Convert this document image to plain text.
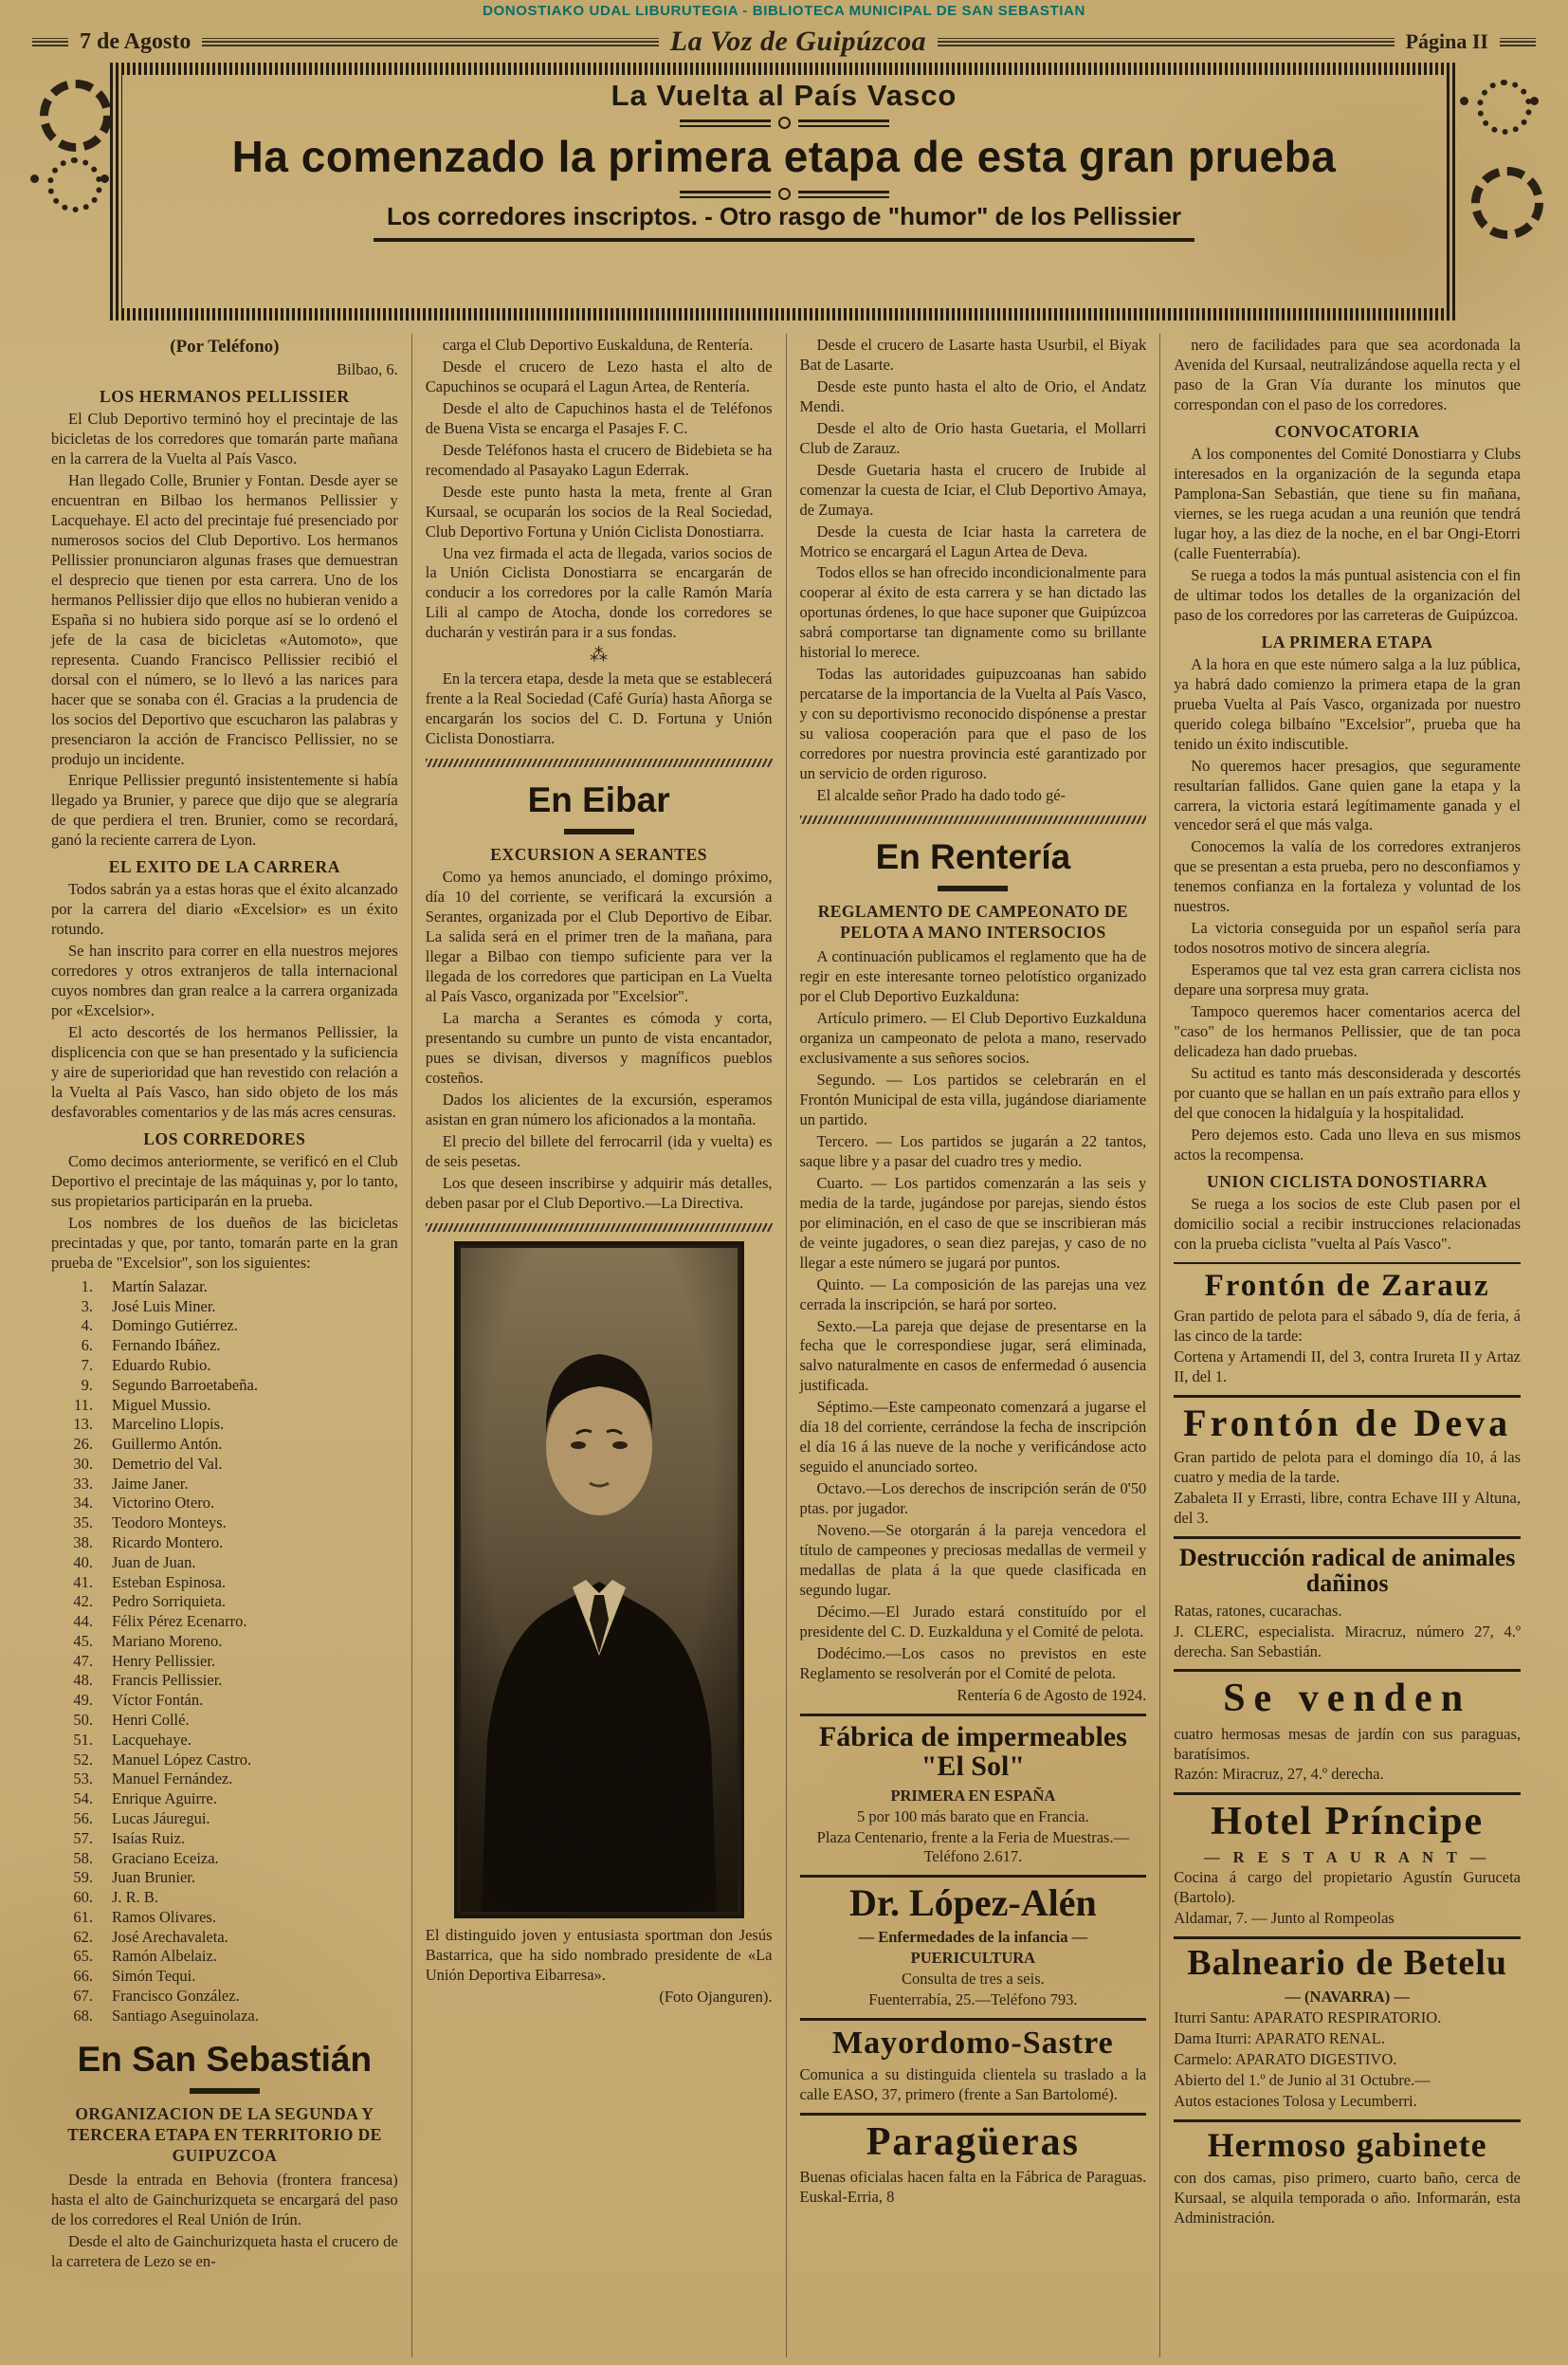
DONOSTIAKO UDAL LIBURUTEGIA - BIBLIOTECA MUNICIPAL DE SAN SEBASTIAN
7 de Agosto	La Voz de Guipúzcoa	Página II
La Vuelta al País Vasco
Ha comenzado la primera etapa de esta gran prueba
Los corredores inscriptos. - Otro rasgo de "humor" de los Pellissier

(Por Teléfono)

Bilbao, 6.

LOS HERMANOS PELLISSIER

El Club Deportivo terminó hoy el precintaje de las bicicletas de los corredores que tomarán parte mañana en la carrera de la Vuelta al País Vasco.

Han llegado Colle, Brunier y Fontan. Desde ayer se encuentran en Bilbao los hermanos Pellissier y Lacquehaye. El acto del precintaje fué presenciado por numerosos socios del Club Deportivo. Los hermanos Pellissier pronunciaron algunas frases que demuestran el desprecio que tienen por esta carrera. Uno de los hermanos Pellissier dijo que ellos no hubieran venido a España si no hubiera sido porque así se lo ordenó el jefe de la casa de bicicletas «Automoto», que representa. Cuando Francisco Pellissier recibió el dorsal con el número, se lo llevó a las narices para hacer que se sonaba con él. Gracias a la prudencia de los socios del Deportivo que escucharon las palabras y presenciaron la acción de Francisco Pellissier, no se produjo un incidente.

Enrique Pellissier preguntó insistentemente si había llegado ya Brunier, y parece que dijo que se alegraría de que perdiera el tren. Brunier, como se recordará, ganó la reciente carrera de Lyon.

EL EXITO DE LA CARRERA

Todos sabrán ya a estas horas que el éxito alcanzado por la carrera del diario «Excelsior» es un éxito rotundo.

Se han inscrito para correr en ella nuestros mejores corredores y otros extranjeros de talla internacional cuyos nombres dan gran realce a la carrera organizada por «Excelsior».

El acto descortés de los hermanos Pellissier, la displicencia con que se han presentado y la suficiencia y aire de superioridad que han revestido con relación a la Vuelta al País Vasco, han sido objeto de los más desfavorables comentarios y de las más acres censuras.

LOS CORREDORES

Como decimos anteriormente, se verificó en el Club Deportivo el precintaje de las máquinas y, por lo tanto, sus propietarios participarán en la prueba.

Los nombres de los dueños de las bicicletas precintadas y que, por tanto, tomarán parte en la gran prueba de "Excelsior", son los siguientes:

1. Martín Salazar.
3. José Luis Miner.
4. Domingo Gutiérrez.
6. Fernando Ibáñez.
7. Eduardo Rubio.
9. Segundo Barroetabeña.
11. Miguel Mussio.
13. Marcelino Llopis.
26. Guillermo Antón.
30. Demetrio del Val.
33. Jaime Janer.
34. Victorino Otero.
35. Teodoro Monteys.
38. Ricardo Montero.
40. Juan de Juan.
41. Esteban Espinosa.
42. Pedro Sorriquieta.
44. Félix Pérez Ecenarro.
45. Mariano Moreno.
47. Henry Pellissier.
48. Francis Pellissier.
49. Víctor Fontán.
50. Henri Collé.
51. Lacquehaye.
52. Manuel López Castro.
53. Manuel Fernández.
54. Enrique Aguirre.
56. Lucas Jáuregui.
57. Isaías Ruiz.
58. Graciano Eceiza.
59. Juan Brunier.
60. J. R. B.
61. Ramos Olivares.
62. José Arechavaleta.
65. Ramón Albelaiz.
66. Simón Tequi.
67. Francisco González.
68. Santiago Aseguinolaza.
En San Sebastián

ORGANIZACION DE LA SEGUNDA Y TERCERA ETAPA EN TERRITORIO DE GUIPUZCOA

Desde la entrada en Behovia (frontera francesa) hasta el alto de Gainchurizqueta se encargará del paso de los corredores el Real Unión de Irún.

Desde el alto de Gainchurizqueta hasta el crucero de la carretera de Lezo se en-

carga el Club Deportivo Euskalduna, de Rentería.

Desde el crucero de Lezo hasta el alto de Capuchinos se ocupará el Lagun Artea, de Rentería.

Desde el alto de Capuchinos hasta el de Teléfonos de Buena Vista se encarga el Pasajes F. C.

Desde Teléfonos hasta el crucero de Bidebieta se ha recomendado al Pasayako Lagun Ederrak.

Desde este punto hasta la meta, frente al Gran Kursaal, se ocuparán los socios de la Real Sociedad, Club Deportivo Fortuna y Unión Ciclista Donostiarra.

Una vez firmada el acta de llegada, varios socios de la Unión Ciclista Donostiarra se encargarán de conducir a los corredores por la calle Ramón María Lili al campo de Atocha, donde los corredores se ducharán y vestirán para ir a sus fondas.

⁂

En la tercera etapa, desde la meta que se establecerá frente a la Real Sociedad (Café Guría) hasta Añorga se encargarán los socios del C. D. Fortuna y Unión Ciclista Donostiarra.

En Eibar

EXCURSION A SERANTES

Como ya hemos anunciado, el domingo próximo, día 10 del corriente, se verificará la excursión a Serantes, organizada por el Club Deportivo de Eibar. La salida será en el primer tren de la mañana, para llegar a Bilbao con tiempo suficiente para ver la llegada de los corredores que participan en La Vuelta al País Vasco, organizada por "Excelsior".

La marcha a Serantes es cómoda y corta, presentando su cumbre un punto de vista encantador, pues se divisan, diversos y magníficos pueblos costeños.

Dados los alicientes de la excursión, esperamos asistan en gran número los aficionados a la montaña.

El precio del billete del ferrocarril (ida y vuelta) es de seis pesetas.

Los que deseen inscribirse y adquirir más detalles, deben pasar por el Club Deportivo.—La Directiva.

El distinguido joven y entusiasta sportman don Jesús Bastarrica, que ha sido nombrado presidente de «La Unión Deportiva Eibarresa».

(Foto Ojanguren).

Desde el crucero de Lasarte hasta Usurbil, el Biyak Bat de Lasarte.

Desde este punto hasta el alto de Orio, el Andatz Mendi.

Desde el alto de Orio hasta Guetaria, el Mollarri Club de Zarauz.

Desde Guetaria hasta el crucero de Irubide al comenzar la cuesta de Iciar, el Club Deportivo Amaya, de Zumaya.

Desde la cuesta de Iciar hasta la carretera de Motrico se encargará el Lagun Artea de Deva.

Todos ellos se han ofrecido incondicionalmente para cooperar al éxito de esta carrera y se han dictado las oportunas órdenes, lo que hace suponer que Guipúzcoa sabrá comportarse tan dignamente como su brillante historial lo merece.

Todas las autoridades guipuzcoanas han sabido percatarse de la importancia de la Vuelta al País Vasco, y con su deportivismo reconocido dispónense a prestar su valiosa cooperación para que el paso de los corredores por nuestra provincia esté garantizado por un servicio de orden riguroso.

El alcalde señor Prado ha dado todo gé-

En Rentería

REGLAMENTO DE CAMPEONATO DE PELOTA A MANO INTERSOCIOS

A continuación publicamos el reglamento que ha de regir en este interesante torneo pelotístico organizado por el Club Deportivo Euzkalduna:

Artículo primero. — El Club Deportivo Euzkalduna organiza un campeonato de pelota a mano, reservado exclusivamente a sus señores socios.

Segundo. — Los partidos se celebrarán en el Frontón Municipal de esta villa, jugándose diariamente un partido.

Tercero. — Los partidos se jugarán a 22 tantos, saque libre y a pasar del cuadro tres y medio.

Cuarto. — Los partidos comenzarán a las seis y media de la tarde, jugándose por parejas, siendo éstos por eliminación, en el caso de que se inscribieran más de veinte jugadores, o sean diez parejas, y caso de no llegar a este número se jugará por puntos.

Quinto. — La composición de las parejas una vez cerrada la inscripción, se hará por sorteo.

Sexto.—La pareja que dejase de presentarse en la fecha que le correspondiese jugar, será eliminada, salvo naturalmente en casos de enfermedad ó ausencia justificada.

Séptimo.—Este campeonato comenzará a jugarse el día 18 del corriente, cerrándose la fecha de inscripción el día 16 á las nueve de la noche y verificándose acto seguido el anunciado sorteo.

Octavo.—Los derechos de inscripción serán de 0'50 ptas. por jugador.

Noveno.—Se otorgarán á la pareja vencedora el título de campeones y preciosas medallas de vermeil y medallas de plata á la que quede clasificada en segundo lugar.

Décimo.—El Jurado estará constituído por el presidente del C. D. Euzkalduna y el Comité de pelota.

Dodécimo.—Los casos no previstos en este Reglamento se resolverán por el Comité de pelota.

Rentería 6 de Agosto de 1924.

Fábrica de impermeables "El Sol"

PRIMERA EN ESPAÑA

5 por 100 más barato que en Francia.

Plaza Centenario, frente a la Feria de Muestras.—Teléfono 2.617.

Dr. López-Alén

— Enfermedades de la infancia —

PUERICULTURA

Consulta de tres a seis.

Fuenterrabía, 25.—Teléfono 793.

Mayordomo-Sastre

Comunica a su distinguida clientela su traslado a la calle EASO, 37, primero (frente a San Bartolomé).

Paragüeras

Buenas oficialas hacen falta en la Fábrica de Paraguas. Euskal-Erria, 8

nero de facilidades para que sea acordonada la Avenida del Kursaal, neutralizándose aquella recta y el paso de la Gran Vía durante los minutos que correspondan con el paso de los corredores.

CONVOCATORIA

A los componentes del Comité Donostiarra y Clubs interesados en la organización de la segunda etapa Pamplona-San Sebastián, que tiene su fin mañana, viernes, se les ruega acudan a una reunión que tendrá lugar hoy, a las diez de la noche, en el bar Ongi-Etorri (calle Fuenterrabía).

Se ruega a todos la más puntual asistencia con el fin de ultimar todos los detalles de la organización del paso de los corredores por las carreteras de Guipúzcoa.

LA PRIMERA ETAPA

A la hora en que este número salga a la luz pública, ya habrá dado comienzo la primera etapa de la gran prueba Vuelta al País Vasco, organizada por nuestro querido colega bilbaíno "Excelsior", prueba que ha tenido un éxito indiscutible.

No queremos hacer presagios, que seguramente resultarían fallidos. Gane quien gane la etapa y la carrera, la victoria estará legítimamente ganada y el vencedor será el que más valga.

Conocemos la valía de los corredores extranjeros que se presentan a esta prueba, pero no desconfiamos y tenemos confianza en la fortaleza y voluntad de los nuestros.

La victoria conseguida por un español sería para todos nosotros motivo de sincera alegría.

Esperamos que tal vez esta gran carrera ciclista nos depare una sorpresa muy grata.

Tampoco queremos hacer comentarios acerca del "caso" de los hermanos Pellissier, que de tan poca delicadeza han dado pruebas.

Su actitud es tanto más desconsiderada y descortés por cuanto que se hallan en un país extraño para ellos y del que conocen la hidalguía y la hospitalidad.

Pero dejemos esto. Cada uno lleva en sus mismos actos la recompensa.

UNION CICLISTA DONOSTIARRA

Se ruega a los socios de este Club pasen por el domicilio social a recibir instrucciones relacionadas con la prueba ciclista "vuelta al País Vasco".

Frontón de Zarauz

Gran partido de pelota para el sábado 9, día de feria, á las cinco de la tarde:

Cortena y Artamendi II, del 3, contra Irureta II y Artaz II, del 1.

Frontón de Deva

Gran partido de pelota para el domingo día 10, á las cuatro y media de la tarde.

Zabaleta II y Errasti, libre, contra Echave III y Altuna, del 3.

Destrucción radical de animales dañinos

Ratas, ratones, cucarachas.

J. CLERC, especialista. Miracruz, número 27, 4.º derecha. San Sebastián.

Se venden

cuatro hermosas mesas de jardín con sus paraguas, baratísimos.

Razón: Miracruz, 27, 4.º derecha.

Hotel Príncipe

— R E S T A U R A N T —

Cocina á cargo del propietario Agustín Guruceta (Bartolo).

Aldamar, 7. — Junto al Rompeolas

Balneario de Betelu

— (NAVARRA) —

Iturri Santu: APARATO RESPIRATORIO.

Dama Iturri: APARATO RENAL.

Carmelo: APARATO DIGESTIVO.

Abierto del 1.º de Junio al 31 Octubre.—

Autos estaciones Tolosa y Lecumberri.

Hermoso gabinete

con dos camas, piso primero, cuarto baño, cerca de Kursaal, se alquila temporada o año. Informarán, esta Administración.
